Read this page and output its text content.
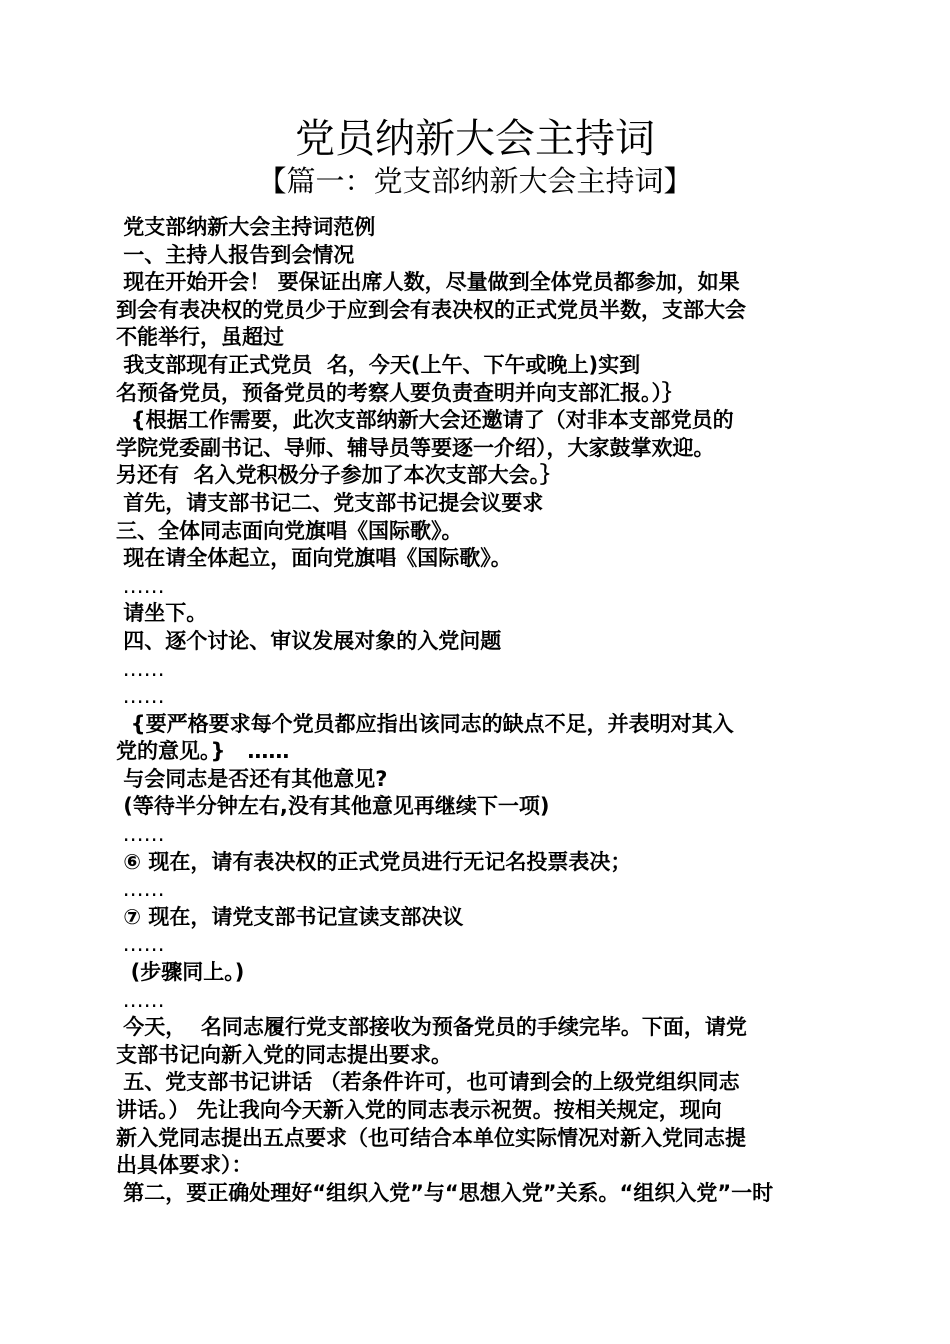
党员纳新大会主持词
【篇一：党支部纳新大会主持词】
党支部纳新大会主持词范例
一、主持人报告到会情况
现在开始开会！ 要保证出席人数，尽量做到全体党员都参加，如果
到会有表决权的党员少于应到会有表决权的正式党员半数，支部大会
不能举行，虽超过
我支部现有正式党员  名，今天(上午、下午或晚上)实到
名预备党员，预备党员的考察人要负责查明并向支部汇报。）｝
{根据工作需要，此次支部纳新大会还邀请了（对非本支部党员的
学院党委副书记、导师、辅导员等要逐一介绍），大家鼓掌欢迎。
另还有  名入党积极分子参加了本次支部大会。｝
首先，请支部书记二、党支部书记提会议要求
三、全体同志面向党旗唱《国际歌》。
现在请全体起立，面向党旗唱《国际歌》。
……
请坐下。
四、逐个讨论、审议发展对象的入党问题
……
……
{要严格要求每个党员都应指出该同志的缺点不足，并表明对其入
党的意见。}   ……
与会同志是否还有其他意见?
(等待半分钟左右,没有其他意见再继续下一项)
……
⑥ 现在，请有表决权的正式党员进行无记名投票表决；
……
⑦ 现在，请党支部书记宣读支部决议
……
(步骤同上。)
……
今天，  名同志履行党支部接收为预备党员的手续完毕。下面，请党
支部书记向新入党的同志提出要求。
五、党支部书记讲话 （若条件许可，也可请到会的上级党组织同志
讲话。） 先让我向今天新入党的同志表示祝贺。按相关规定，现向
新入党同志提出五点要求（也可结合本单位实际情况对新入党同志提
出具体要求）：
第二，要正确处理好“组织入党”与“思想入党”关系。“组织入党”一时
